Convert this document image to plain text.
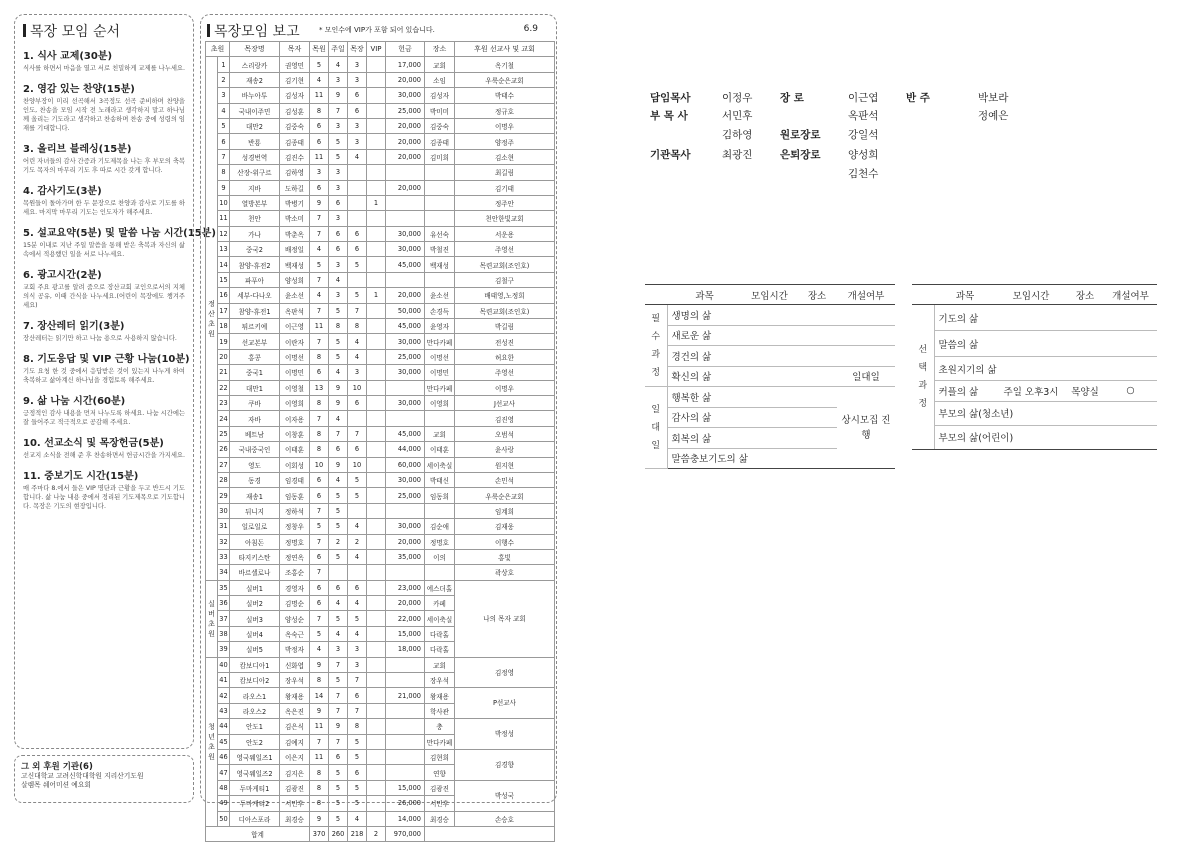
목장 모임 순서
1. 식사 교제(30분)
식사를 하면서 마음을 열고 서로 친밀하게 교제를 나누세요.
2. 영감 있는 찬양(15분)
찬양부장이 미리 선곡해서 3곡정도 선곡 준비하며 찬양을 인도, 찬송을 모임 시작 전 노래라고 생각하지 말고 하나님께 올리는 기도라고 생각하고 찬송하며 찬송 중에 성령의 임재를 기대합니다.
3. 올리브 블레싱(15분)
어린 자녀들의 감사 간증과 기도제목을 나는 후 부모의 축복기도 목자의 마무리 기도 후 따로 시간 갖게 합니다.
4. 감사기도(3분)
목원들이 돌아가며 한 두 문장으로 찬양과 감사로 기도를 하세요. 마지막 마무리 기도는 인도자가 해주세요.
5. 설교요약(5분) 및 말씀 나눔 시간(15분)
15분 이내로 지난 주일 말씀을 통해 받은 축복과 자신의 삶 속에서 적용했던 일을 서로 나누세요.
6. 광고시간(2분)
교회 주요 광고를 알려 줌으로 장산교회 교인으로서의 지체의식 공유, 이때 간식을 나누세요.(어린이 목장에도 챙겨주세요)
7. 장산레터 읽기(3분)
장산레터는 읽기만 하고 나눔 용으로 사용하지 않습니다.
8. 기도응답 및 VIP 근황 나눔(10분)
기도 요청 한 것 중에서 응답받은 것이 있는지 나누게 하여 축복하고 삶아계신 하나님을 경험토록 해주세요.
9. 삶 나눔 시간(60분)
긍정적인 감사 내용을 먼저 나누도록 하세요. 나눔 시간에는 잘 들어주고 적극적으로 공감해 주세요.
10. 선교소식 및 목장헌금(5분)
선교지 소식을 전해 준 후 찬송하면서 헌금시간을 가지세요.
11. 중보기도 시간(15분)
매 주마다 8.에서 들은 VIP 명단과 근황을 두고 반드시 기도합니다. 삶 나눔 내용 중에서 정리된 기도제목으로 기도합니다. 목장은 기도의 현장입니다.
그 외 후원 기관(6)
고신대학교 고려신학대학원 지리산기도원
살렘목 쉐어미션 예요회
목장모임 보고	* 모인수에 VIP가 포함 되어 있습니다.	6.9
초원		목장명	목자	목원	주일	목장	VIP	헌금	장소	후원 선교사 및 교회
정
산
초
원	1	스리랑카	권영민	5	4	3		17,000	교회	옥기철
	2	재송2	김기현	4	3	3		20,000	소임	우룩순은교회
	3	바누아투	김성자	11	9	6		30,000	김성자	박태수
	4	국내이주민	김성훈	8	7	6		25,000	박미미	정규호
	5	대만2	김중숙	6	3	3		20,000	김중숙	이명우
	6	반룡	김종태	6	5	3		20,000	김종태	양정주
	7	성경번역	김진수	11	5	4		20,000	김미희	김소현
	8	산장-위구르	김하영	3	3					최길림
	9	지바	도하길	6	3			20,000		김기태
	10	열방본부	박병기	9	6		1			정주안
	11	천안	박소미	7	3					천안한빛교회
	12	가나	박춘옥	7	6	6		30,000	유선숙	서운용
	13	중국2	배정일	4	6	6		30,000	박철진	주영선
	14	참양-휴전2	백재성	5	3	5		45,000	백재성	목련교회(조인호)
	15	파푸아	양성희	7	4					김철구
	16	세부-다나오	윤소선	4	3	5	1	20,000	윤소선	배태영,노정희
	17	참양-휴전1	옥판석	7	5	7		50,000	손경득	목련교회(조인호)
	18	튀르키예	이근영	11	8	8		45,000	윤영자	박길림
	19	선교본부	이란자	7	5	4		30,000	만다카페	전성진
	20	홍콩	이명선	8	5	4		25,000	이명선	허요한
	21	중국1	이명민	6	4	3		30,000	이명민	주영선
	22	대만1	이영철	13	9	10			만다카페	이명우
	23	쿠바	이영희	8	9	6		30,000	이영희	J선교사
	24	자바	이자용	7	4					김진영
	25	베트남	이창훈	8	7	7		45,000	교회	오범석
	26	국내중국인	이태훈	8	6	6		44,000	이태훈	윤사랑
	27	영도	이회성	10	9	10		60,000	세이축실	원지현
	28	동경	임경태	6	4	5		30,000	박태신	손민석
	29	재송1	임동훈	6	5	5		25,000	임동희	우룩순은교회
	30	뒤니지	정하석	7	5					임계희
	31	일로일로	정창우	5	5	4		30,000	김순애	김재웅
	32	아침돈	정명호	7	2	2		20,000	정명호	이행수
	33	타지키스탄	정연옥	6	5	4		35,000	이의	홍빛
	34	바르셀로나	조홍순	7						곽상호
실
버
초
원	35	실버1	경영자	6	6	6		23,000	에스더홀	나의 목자 교회
	36	실버2	김명순	6	4	4		20,000	카페	
	37	실버3	양성순	7	5	5		22,000	세이축실	
	38	실버4	옥숙근	5	4	4		15,000	다락홀	
	39	실버5	박정자	4	3	3		18,000	다락홀	
청
년
초
원	40	캄보디아1	신화엽	9	7	3			교회	김정영
	41	캄보디아2	장우석	8	5	7			장우석	
	42	라오스1	왕재용	14	7	6		21,000	왕재용	P선교사
	43	라오스2	옥은진	9	7	7			학사관	
	44	안도1	김은식	11	9	8			충	박정성
	45	안도2	김예지	7	7	5			만다카페	
	46	영국웨일즈1	이은지	11	6	5			김현희	김경향
	47	영국웨일즈2	김지은	8	5	6			연향	
	48	두마게티1	김광진	8	5	5		15,000	김광진	박성국
	49	두마게티2	서민후	8	5	5		26,000	서민후	
	50	디아스포라	최경승	9	5	4		14,000	최경승	손승호
합계				370	260	218	2	970,000		
담임목사	이정우
부 목 사	서민후
김하영
기관목사	최광진
장 로	이근엽
옥판석
원로장로	강일석
은퇴장로	양성희
김천수
반 주	박보라
정예은
	과목	모임시간	장소	개설여부
필
수
과
정	생명의 삶			
	새로운 삶			
	경건의 삶			
	확신의 삶			일대일
일
대
일	행복한 삶			상시모집 진행
	감사의 삶			
	회복의 삶			
	말씀충보기도의 삶			
	과목	모임시간	장소	개설여부
선
택
과
정	기도의 삶			
	말씀의 삶			
	초원지기의 삶			
	커플의 삶	주일 오후3시	목양실	○
	부모의 삶(청소년)			
	부모의 삶(어린이)			
